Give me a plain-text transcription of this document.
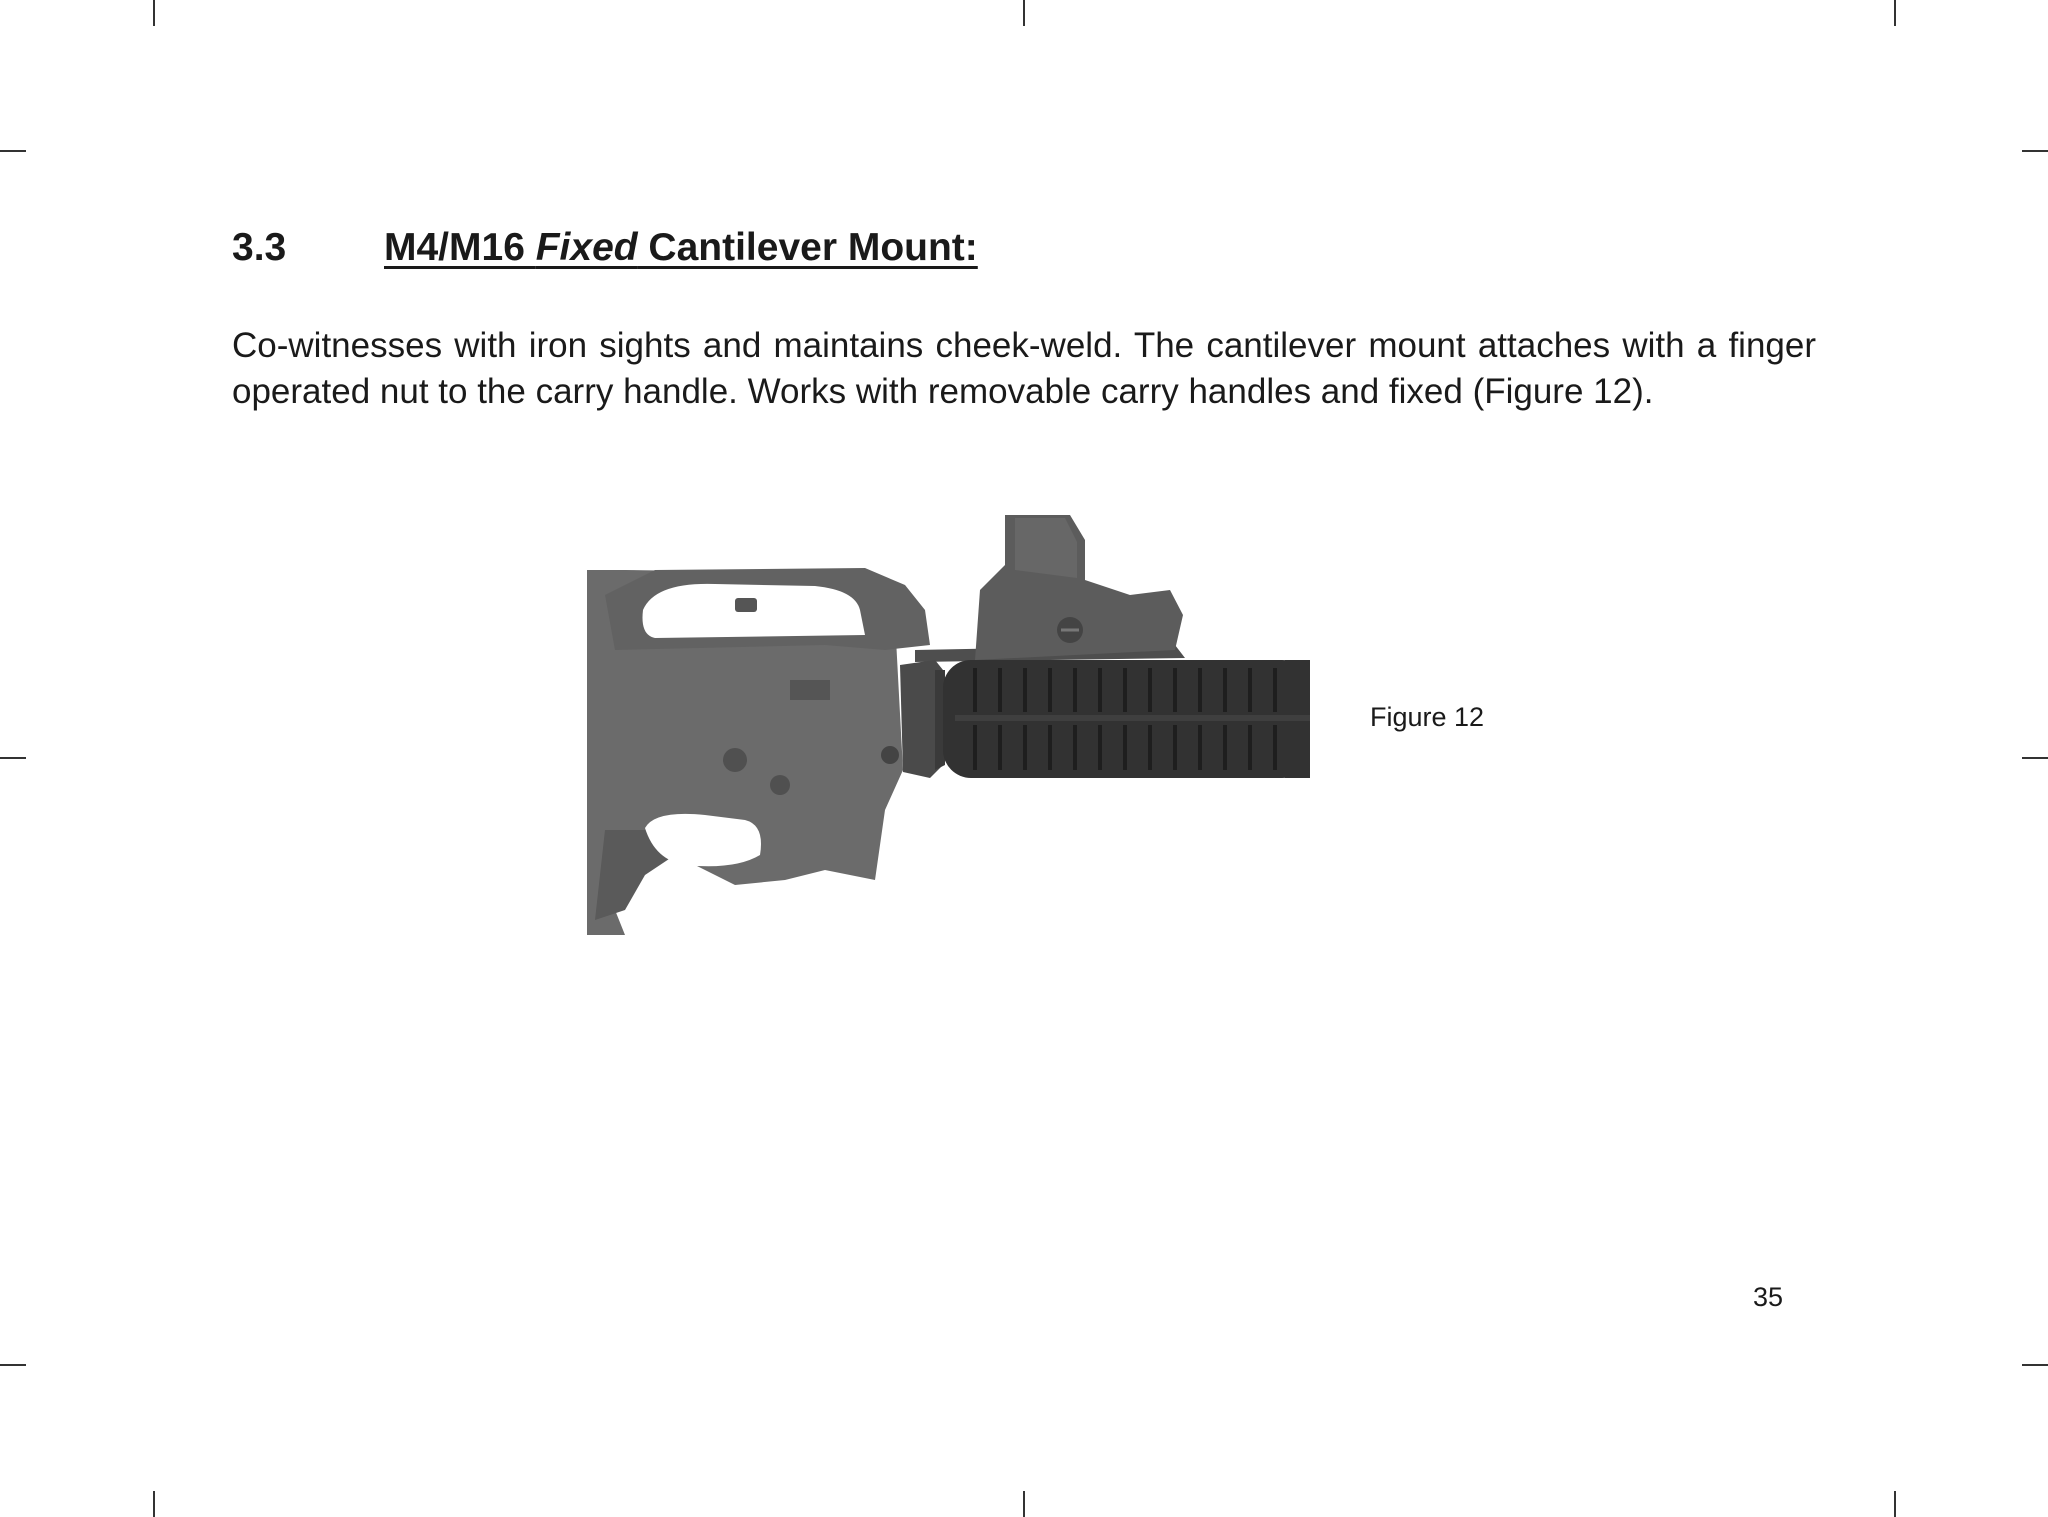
3.3	M4/M16 Fixed Cantilever Mount:

Co-witnesses with iron sights and maintains cheek-weld. The cantilever mount attaches with a finger operated nut to the carry handle. Works with removable carry handles and fixed (Figure 12).

Figure 12
35
